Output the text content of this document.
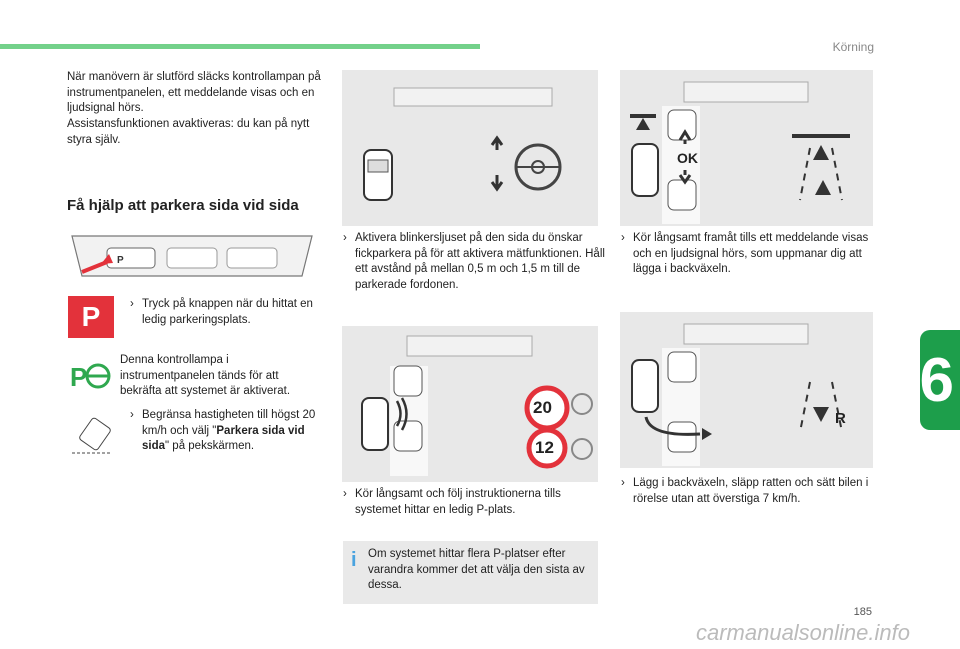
Körning
När manövern är slutförd släcks kontrollampan på instrumentpanelen, ett meddelande visas och en ljudsignal hörs.
Assistansfunktionen avaktiveras: du kan på nytt styra själv.
Få hjälp att parkera sida vid sida
P
P	› Tryck på knappen när du hittat en ledig parkeringsplats.
P
Denna kontrollampa i instrumentpanelen tänds för att bekräfta att systemet är aktiverat.
› Begränsa hastigheten till högst 20 km/h och välj "Parkera sida vid sida" på pekskärmen.
› Aktivera blinkersljuset på den sida du önskar fickparkera på för att aktivera mätfunktionen. Håll ett avstånd på mellan 0,5 m och 1,5 m till de parkerade fordonen.
20
12
› Kör långsamt och följ instruktionerna tills systemet hittar en ledig P-plats.
i Om systemet hittar flera P-platser efter varandra kommer det att välja den sista av dessa.
OK
› Kör långsamt framåt tills ett meddelande visas och en ljudsignal hörs, som uppmanar dig att lägga i backväxeln.
R
› Lägg i backväxeln, släpp ratten och sätt bilen i rörelse utan att överstiga 7 km/h.
6
185
carmanualsonline.info
